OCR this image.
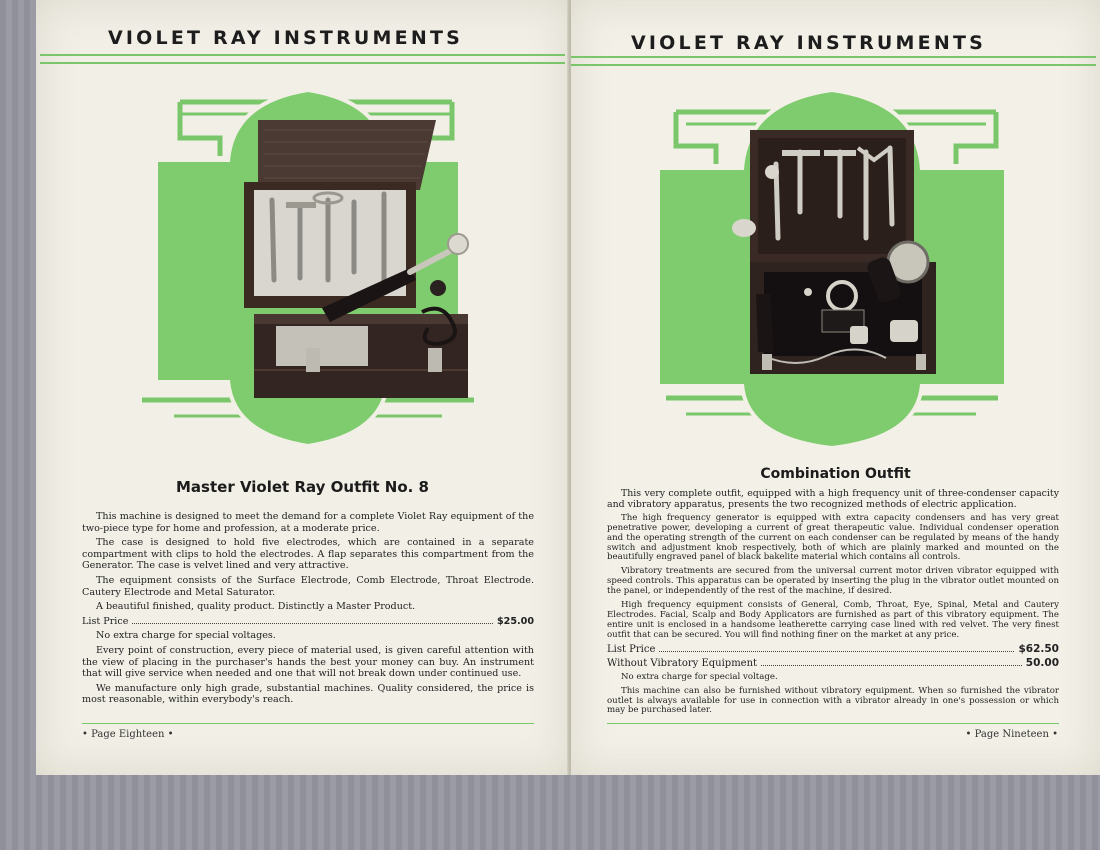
VIOLET RAY INSTRUMENTS
Master Violet Ray Outfit No. 8

This machine is designed to meet the demand for a complete Violet Ray equipment of the two-piece type for home and profession, at a moderate price.

The case is designed to hold five electrodes, which are contained in a separate compartment with clips to hold the electrodes. A flap separates this compartment from the Generator. The case is velvet lined and very attractive.

The equipment consists of the Surface Electrode, Comb Electrode, Throat Electrode. Cautery Electrode and Metal Saturator.

A beautiful finished, quality product. Distinctly a Master Product.

List Price	$25.00

No extra charge for special voltages.

Every point of construction, every piece of material used, is given careful attention with the view of placing in the purchaser's hands the best your money can buy. An instrument that will give service when needed and one that will not break down under continued use.

We manufacture only high grade, substantial machines. Quality considered, the price is most reasonable, within everybody's reach.

• Page Eighteen •
VIOLET RAY INSTRUMENTS
Combination Outfit

This very complete outfit, equipped with a high frequency unit of three-condenser capacity and vibratory apparatus, presents the two recognized methods of electric application.

The high frequency generator is equipped with extra capacity condensers and has very great penetrative power, developing a current of great therapeutic value. Individual condenser operation and the operating strength of the current on each condenser can be regulated by means of the handy switch and adjustment knob respectively, both of which are plainly marked and mounted on the beautifully engraved panel of black bakelite material which contains all controls.

Vibratory treatments are secured from the universal current motor driven vibrator equipped with speed controls. This apparatus can be operated by inserting the plug in the vibrator outlet mounted on the panel, or independently of the rest of the machine, if desired.

High frequency equipment consists of General, Comb, Throat, Eye, Spinal, Metal and Cautery Electrodes. Facial, Scalp and Body Applicators are furnished as part of this vibratory equipment. The entire unit is enclosed in a handsome leatherette carrying case lined with red velvet. The very finest outfit that can be secured. You will find nothing finer on the market at any price.

List Price	$62.50
Without Vibratory Equipment	50.00

No extra charge for special voltage.

This machine can also be furnished without vibratory equipment. When so furnished the vibrator outlet is always available for use in connection with a vibrator already in one's possession or which may be purchased later.

• Page Nineteen •
